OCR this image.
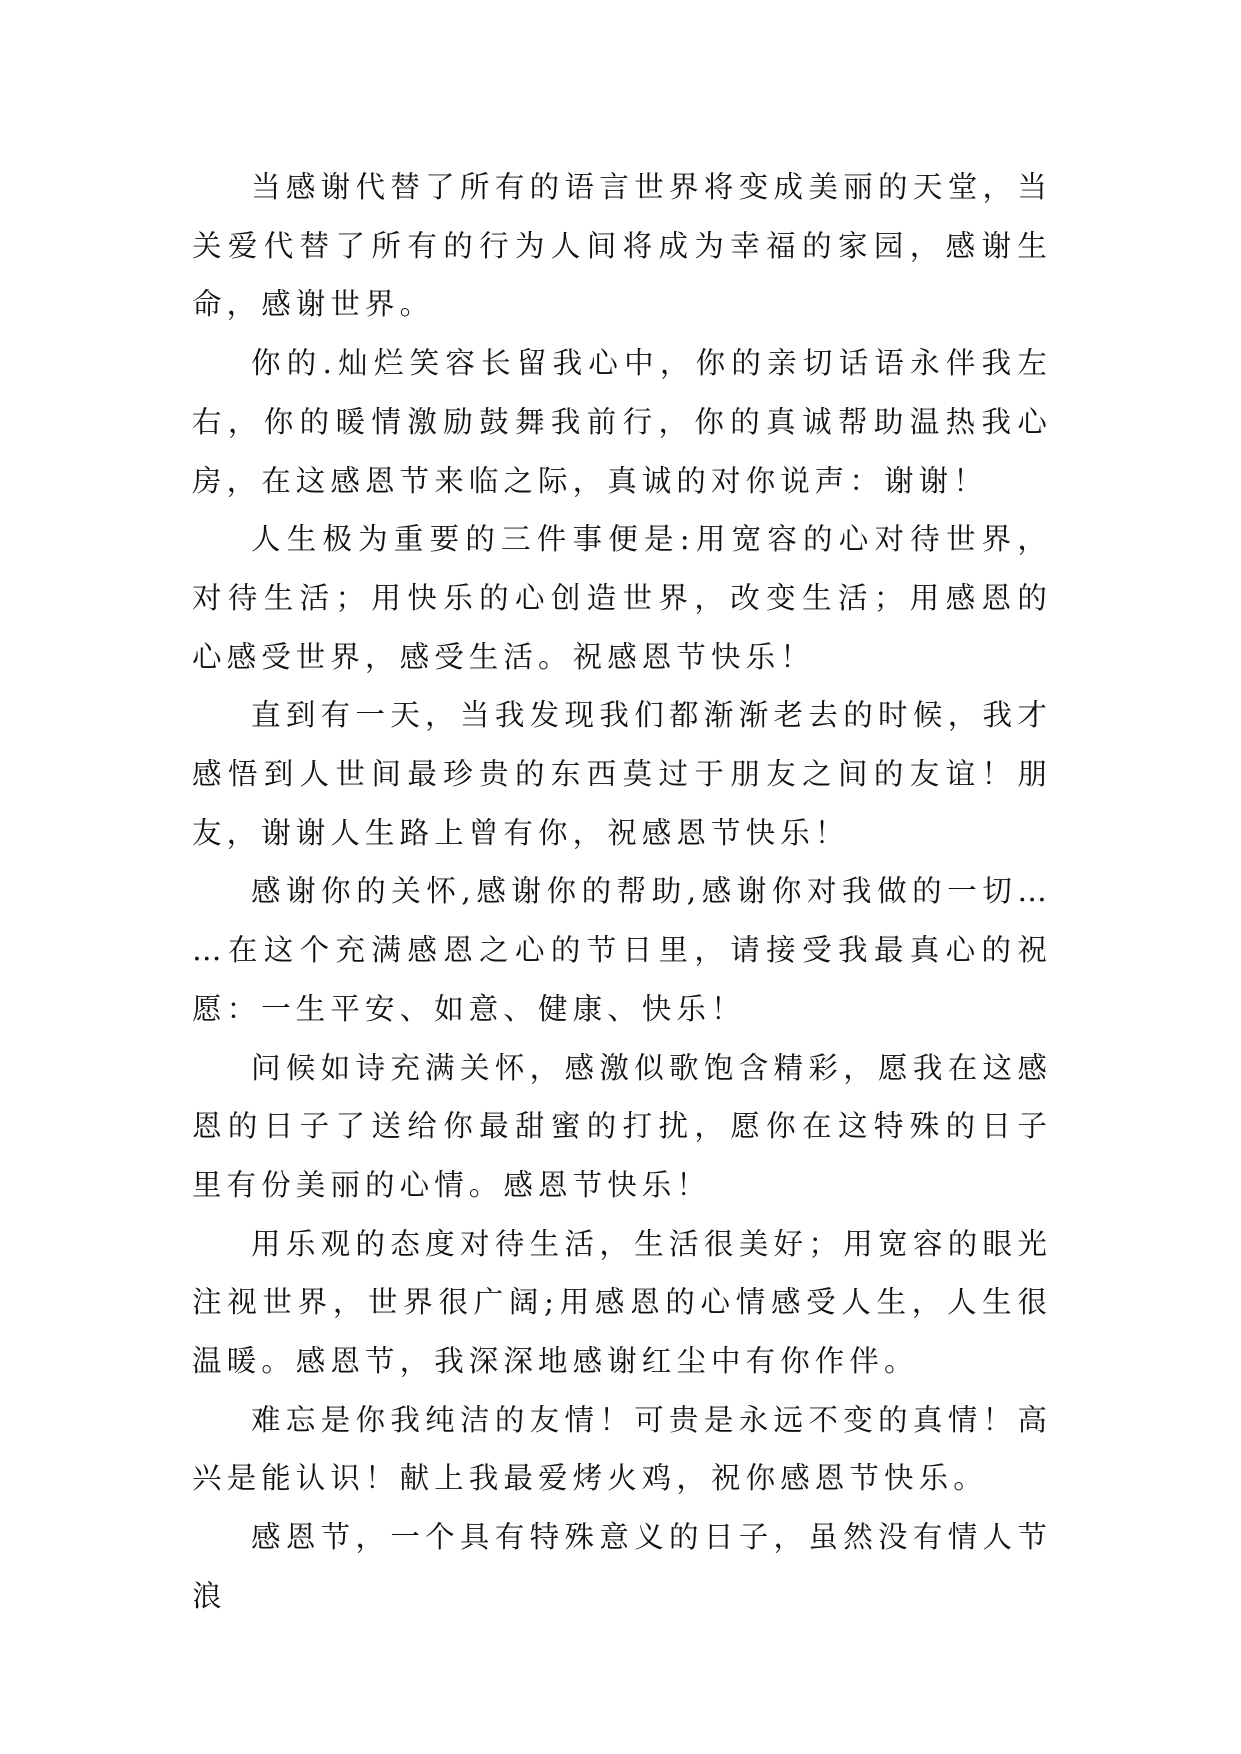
当感谢代替了所有的语言世界将变成美丽的天堂，当关爱代替了所有的行为人间将成为幸福的家园，感谢生命，感谢世界。

你的.灿烂笑容长留我心中，你的亲切话语永伴我左右，你的暖情激励鼓舞我前行，你的真诚帮助温热我心房，在这感恩节来临之际，真诚的对你说声：谢谢！

人生极为重要的三件事便是:用宽容的心对待世界，对待生活；用快乐的心创造世界，改变生活；用感恩的心感受世界，感受生活。祝感恩节快乐！

直到有一天，当我发现我们都渐渐老去的时候，我才感悟到人世间最珍贵的东西莫过于朋友之间的友谊！朋友，谢谢人生路上曾有你，祝感恩节快乐！

感谢你的关怀,感谢你的帮助,感谢你对我做的一切……在这个充满感恩之心的节日里，请接受我最真心的祝愿：一生平安、如意、健康、快乐！

问候如诗充满关怀，感激似歌饱含精彩，愿我在这感恩的日子了送给你最甜蜜的打扰，愿你在这特殊的日子里有份美丽的心情。感恩节快乐！

用乐观的态度对待生活，生活很美好；用宽容的眼光注视世界，世界很广阔;用感恩的心情感受人生，人生很温暖。感恩节，我深深地感谢红尘中有你作伴。

难忘是你我纯洁的友情！可贵是永远不变的真情！高兴是能认识！献上我最爱烤火鸡，祝你感恩节快乐。

感恩节，一个具有特殊意义的日子，虽然没有情人节浪
